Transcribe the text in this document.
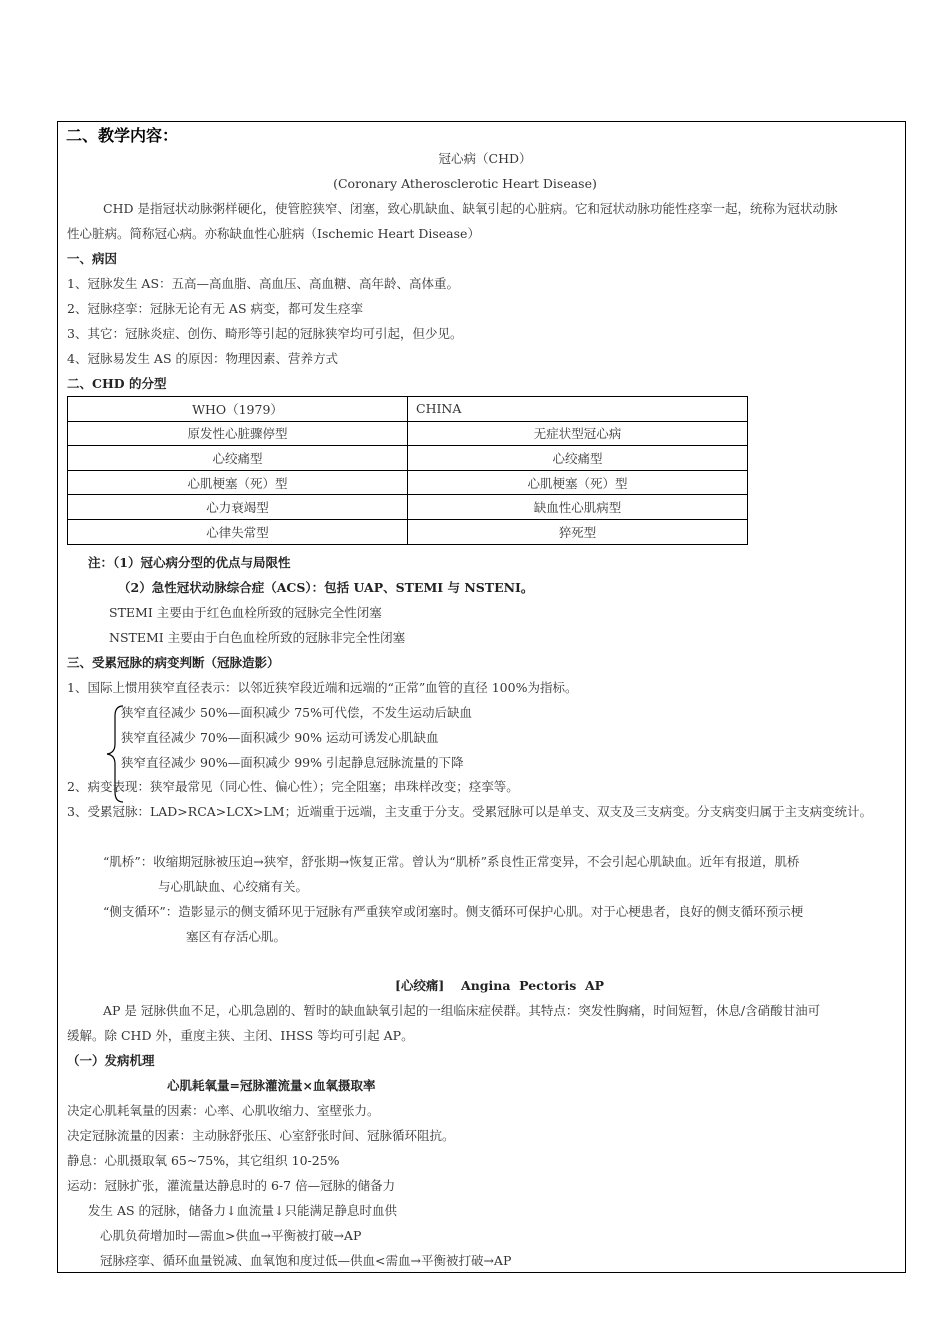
二、教学内容：
冠心病（CHD）
(Coronary Atherosclerotic Heart Disease)
CHD 是指冠状动脉粥样硬化，使管腔狭窄、闭塞，致心肌缺血、缺氧引起的心脏病。它和冠状动脉功能性痉挛一起，统称为冠状动脉
性心脏病。简称冠心病。亦称缺血性心脏病（Ischemic Heart Disease）
一、病因
1、冠脉发生 AS：五高—高血脂、高血压、高血糖、高年龄、高体重。
2、冠脉痉挛：冠脉无论有无 AS 病变，都可发生痉挛
3、其它：冠脉炎症、创伤、畸形等引起的冠脉狭窄均可引起，但少见。
4、冠脉易发生 AS 的原因：物理因素、营养方式
二、CHD 的分型
WHO（1979）	CHINA
原发性心脏骤停型	无症状型冠心病
心绞痛型	心绞痛型
心肌梗塞（死）型	心肌梗塞（死）型
心力衰竭型	缺血性心肌病型
心律失常型	猝死型
注：（1）冠心病分型的优点与局限性
（2）急性冠状动脉综合症（ACS）：包括 UAP、STEMI 与 NSTENI。
STEMI 主要由于红色血栓所致的冠脉完全性闭塞
NSTEMI 主要由于白色血栓所致的冠脉非完全性闭塞
三、受累冠脉的病变判断（冠脉造影）
1、国际上惯用狭窄直径表示：以邻近狭窄段近端和远端的“正常”血管的直径 100%为指标。
狭窄直径减少 50%—面积减少 75%可代偿，不发生运动后缺血
狭窄直径减少 70%—面积减少 90% 运动可诱发心肌缺血
狭窄直径减少 90%—面积减少 99% 引起静息冠脉流量的下降
2、病变表现：狭窄最常见（同心性、偏心性）；完全阻塞；串珠样改变；痉挛等。
3、受累冠脉：LAD>RCA>LCX>LM；近端重于远端，主支重于分支。受累冠脉可以是单支、双支及三支病变。分支病变归属于主支病变统计。
“肌桥”：收缩期冠脉被压迫→狭窄，舒张期→恢复正常。曾认为“肌桥”系良性正常变异，不会引起心肌缺血。近年有报道，肌桥
与心肌缺血、心绞痛有关。
“侧支循环”：造影显示的侧支循环见于冠脉有严重狭窄或闭塞时。侧支循环可保护心肌。对于心梗患者，良好的侧支循环预示梗
塞区有存活心肌。
[心绞痛] Angina  Pectoris  AP
AP 是 冠脉供血不足，心肌急剧的、暂时的缺血缺氧引起的一组临床症侯群。其特点：突发性胸痛，时间短暂，休息/含硝酸甘油可
缓解。除 CHD 外，重度主狭、主闭、IHSS 等均可引起 AP。
（一）发病机理
心肌耗氧量=冠脉灌流量×血氧摄取率
决定心肌耗氧量的因素：心率、心肌收缩力、室壁张力。
决定冠脉流量的因素：主动脉舒张压、心室舒张时间、冠脉循环阻抗。
静息：心肌摄取氧 65~75%，其它组织 10-25%
运动：冠脉扩张，灌流量达静息时的 6-7 倍—冠脉的储备力
发生 AS 的冠脉，储备力↓血流量↓只能满足静息时血供
心肌负荷增加时—需血>供血→平衡被打破→AP
冠脉痉挛、循环血量锐减、血氧饱和度过低—供血<需血→平衡被打破→AP
